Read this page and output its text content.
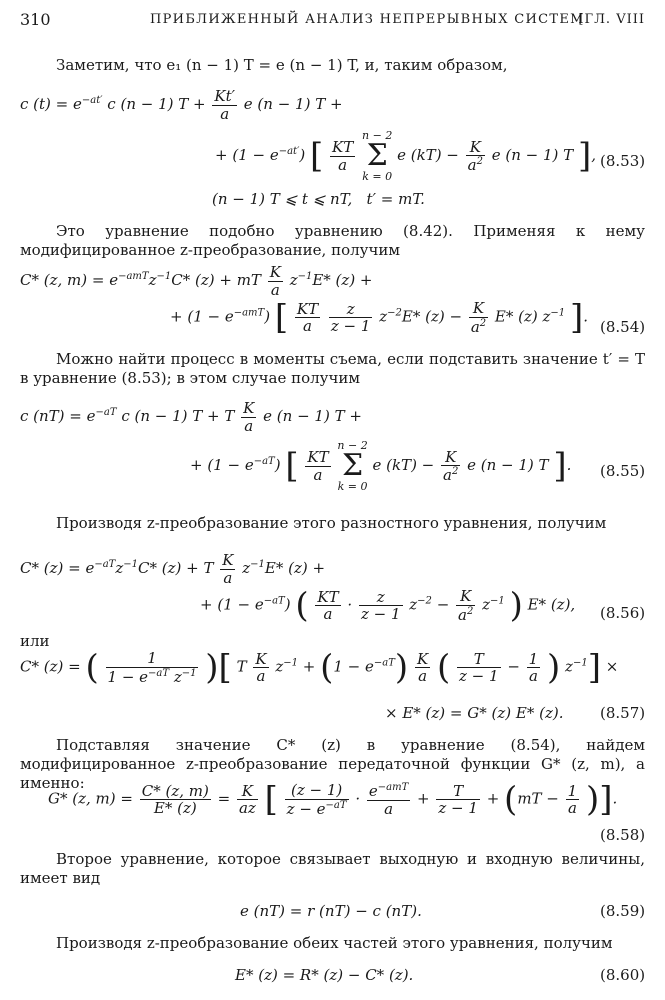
310	ПРИБЛИЖЕННЫЙ АНАЛИЗ НЕПРЕРЫВНЫХ СИСТЕМ
[ГЛ. VIII
Заметим, что e₁ (n − 1) T = e (n − 1) T, и, таким образом,
c $(t) = e^{-at'}$ c (n − 1) $T + \frac{Kt'}{a}$ e (n − 1) T +
+ $(1 - e^{-at'})$ [ $\frac{KT}{a}$

n − 2
Σ
k = 0
e $(kT) - \frac{K}{a^2}$ e (n − 1) T ], (8.53)
(n − 1) T ⩽ t ⩽ nT,   t′ = mT.
Это уравнение подобно уравнению (8.42). Применяя к нему модифицированное z-преобразование, получим
C* (z, $m) = e^{-amT}z^{-1}C*$ (z) + mT $\frac{K}{a} z^{-1}E*$ (z) +
+ $(1 - e^{-amT})$ [ $\frac{KT}{a}$
$\frac{z}{z - 1} z^{-2}E*$ $(z) - \frac{K}{a^2} E*$ (z) $z^{-1}$ ].
(8.54)
Можно найти процесс в моменты съема, если подставить значение t′ = T в уравнение (8.53); в этом случае получим
c $(nT) = e^{-aT}$ c (n − 1) T + T $\frac{K}{a}$ e (n − 1) T +
+ $(1 - e^{-aT})$ [ $\frac{KT}{a}$

n − 2
Σ
k = 0
e $(kT) - \frac{K}{a^2}$ e (n − 1) T ]. (8.55)
Производя z-преобразование этого разностного уравнения, получим
C* $(z) = e^{-aT}z^{-1}C*$ (z) + T $\frac{K}{a} z^{-1}E*$ (z) +
+ $(1 - e^{-aT})$ ( $\frac{KT}{a} \cdot \frac{z}{z - 1} z^{-2} - \frac{K}{a^2} z^{-1}$ ) E* (z), (8.56)
или
C* (z) = ( $\frac{1}{1 - e^{-aT} z^{-1}}$ )[ T $\frac{K}{a} z^{-1} + (1 - e^{-aT}) \frac{K}{a}$ ( $\frac{T}{z - 1} - \frac{1}{a}$ ) $z^{-1}$] ×
× E* (z) = G* (z) E* (z). (8.57)
Подставляя значение C* (z) в уравнение (8.54), найдем модифицированное z-преобразование передаточной функции G* (z, m), а именно:
G* (z, $m) = \frac{C* (z, m)}{E* (z)} = \frac{K}{az}$ [ $\frac{(z - 1)}{z - e^{-aT}} \cdot e^{-amT}$
a
+ $\frac{T}{z - 1} + (mT - \frac{1}{a}$ )].
(8.58)
Второе уравнение, которое связывает выходную и входную величины, имеет вид
e (nT) = r (nT) − c (nT).	(8.59)
Производя z-преобразование обеих частей этого уравнения, получим
E* (z) = R* (z) − C* (z).	(8.60)
